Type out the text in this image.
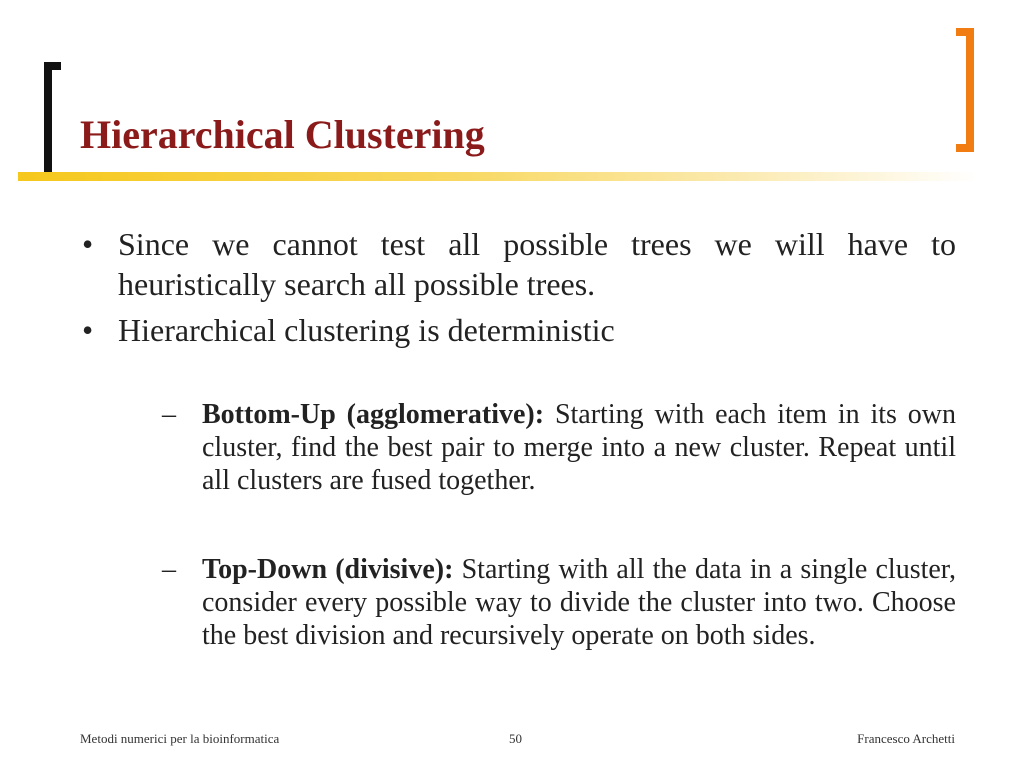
Hierarchical Clustering
• Since we cannot test all possible trees we will have to heuristically search all possible trees.
• Hierarchical clustering is deterministic
– Bottom-Up (agglomerative): Starting with each item in its own cluster, find the best pair to merge into a new cluster. Repeat until all clusters are fused together.
– Top-Down (divisive): Starting with all the data in a single cluster, consider every possible way to divide the cluster into two. Choose the best division and recursively operate on both sides.
Metodi numerici per la bioinformatica	50	Francesco Archetti
